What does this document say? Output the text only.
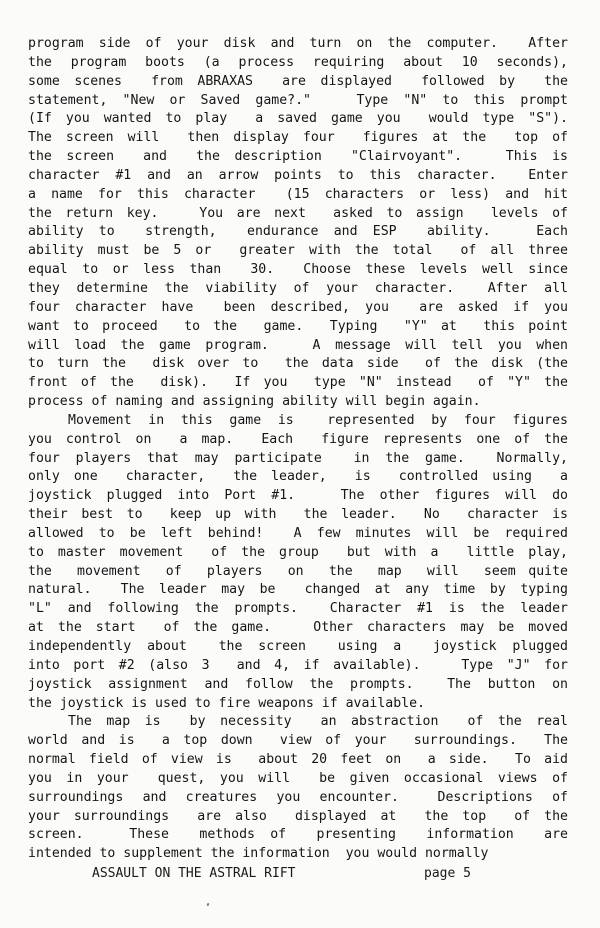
program side of your disk and turn on the computer.  After
the program boots (a process requiring about 10 seconds),
some scenes  from ABRAXAS  are displayed  followed by  the
statement, "New or Saved game?."   Type "N" to this prompt
(If you wanted to play  a saved game you  would type "S").
The screen will  then display four  figures at the  top of
the screen  and  the description  "Clairvoyant".   This is
character #1 and an arrow points to this character.  Enter
a name for this character  (15 characters or less) and hit
the return key.   You are next  asked to assign  levels of
ability to  strength,  endurance and ESP  ability.   Each
ability must be 5 or  greater with the total  of all three
equal to or less than  30.  Choose these levels well since
they determine the viability of your character.  After all
four character have  been described, you  are asked if you
want to proceed  to the  game.  Typing  "Y" at  this point
will load the game program.   A message will tell you when
to turn the  disk over to  the data side  of the disk (the
front of the  disk).  If you  type "N" instead  of "Y" the
process of naming and assigning ability will begin again.
Movement in this game is  represented by four figures
you control on  a map.  Each  figure represents one of the
four players that may participate  in the game.  Normally,
only one  character,  the leader,  is  controlled using  a
joystick plugged into Port #1.   The other figures will do
their best to  keep up with  the leader.  No  character is
allowed to be left behind!  A few minutes will be required
to master movement  of the group  but with a  little play,
the  movement  of  players  on  the  map  will  seem quite
natural.  The leader may be  changed at any time by typing
"L" and following the prompts.  Character #1 is the leader
at the start  of the game.   Other characters may be moved
independently about  the screen  using a  joystick plugged
into port #2 (also 3  and 4, if available).   Type "J" for
joystick assignment and follow the prompts.  The button on
the joystick is used to fire weapons if available.
The map is  by necessity  an abstraction  of the real
world and is  a top down  view of your  surroundings.  The
normal field of view is  about 20 feet on  a side.  To aid
you in your  quest, you will  be given occasional views of
surroundings and creatures you encounter.  Descriptions of
your surroundings  are also  displayed at  the top  of the
screen.   These  methods of  presenting  information  are
intended to supplement the information  you would normally
ASSAULT ON THE ASTRAL RIFT	page 5
